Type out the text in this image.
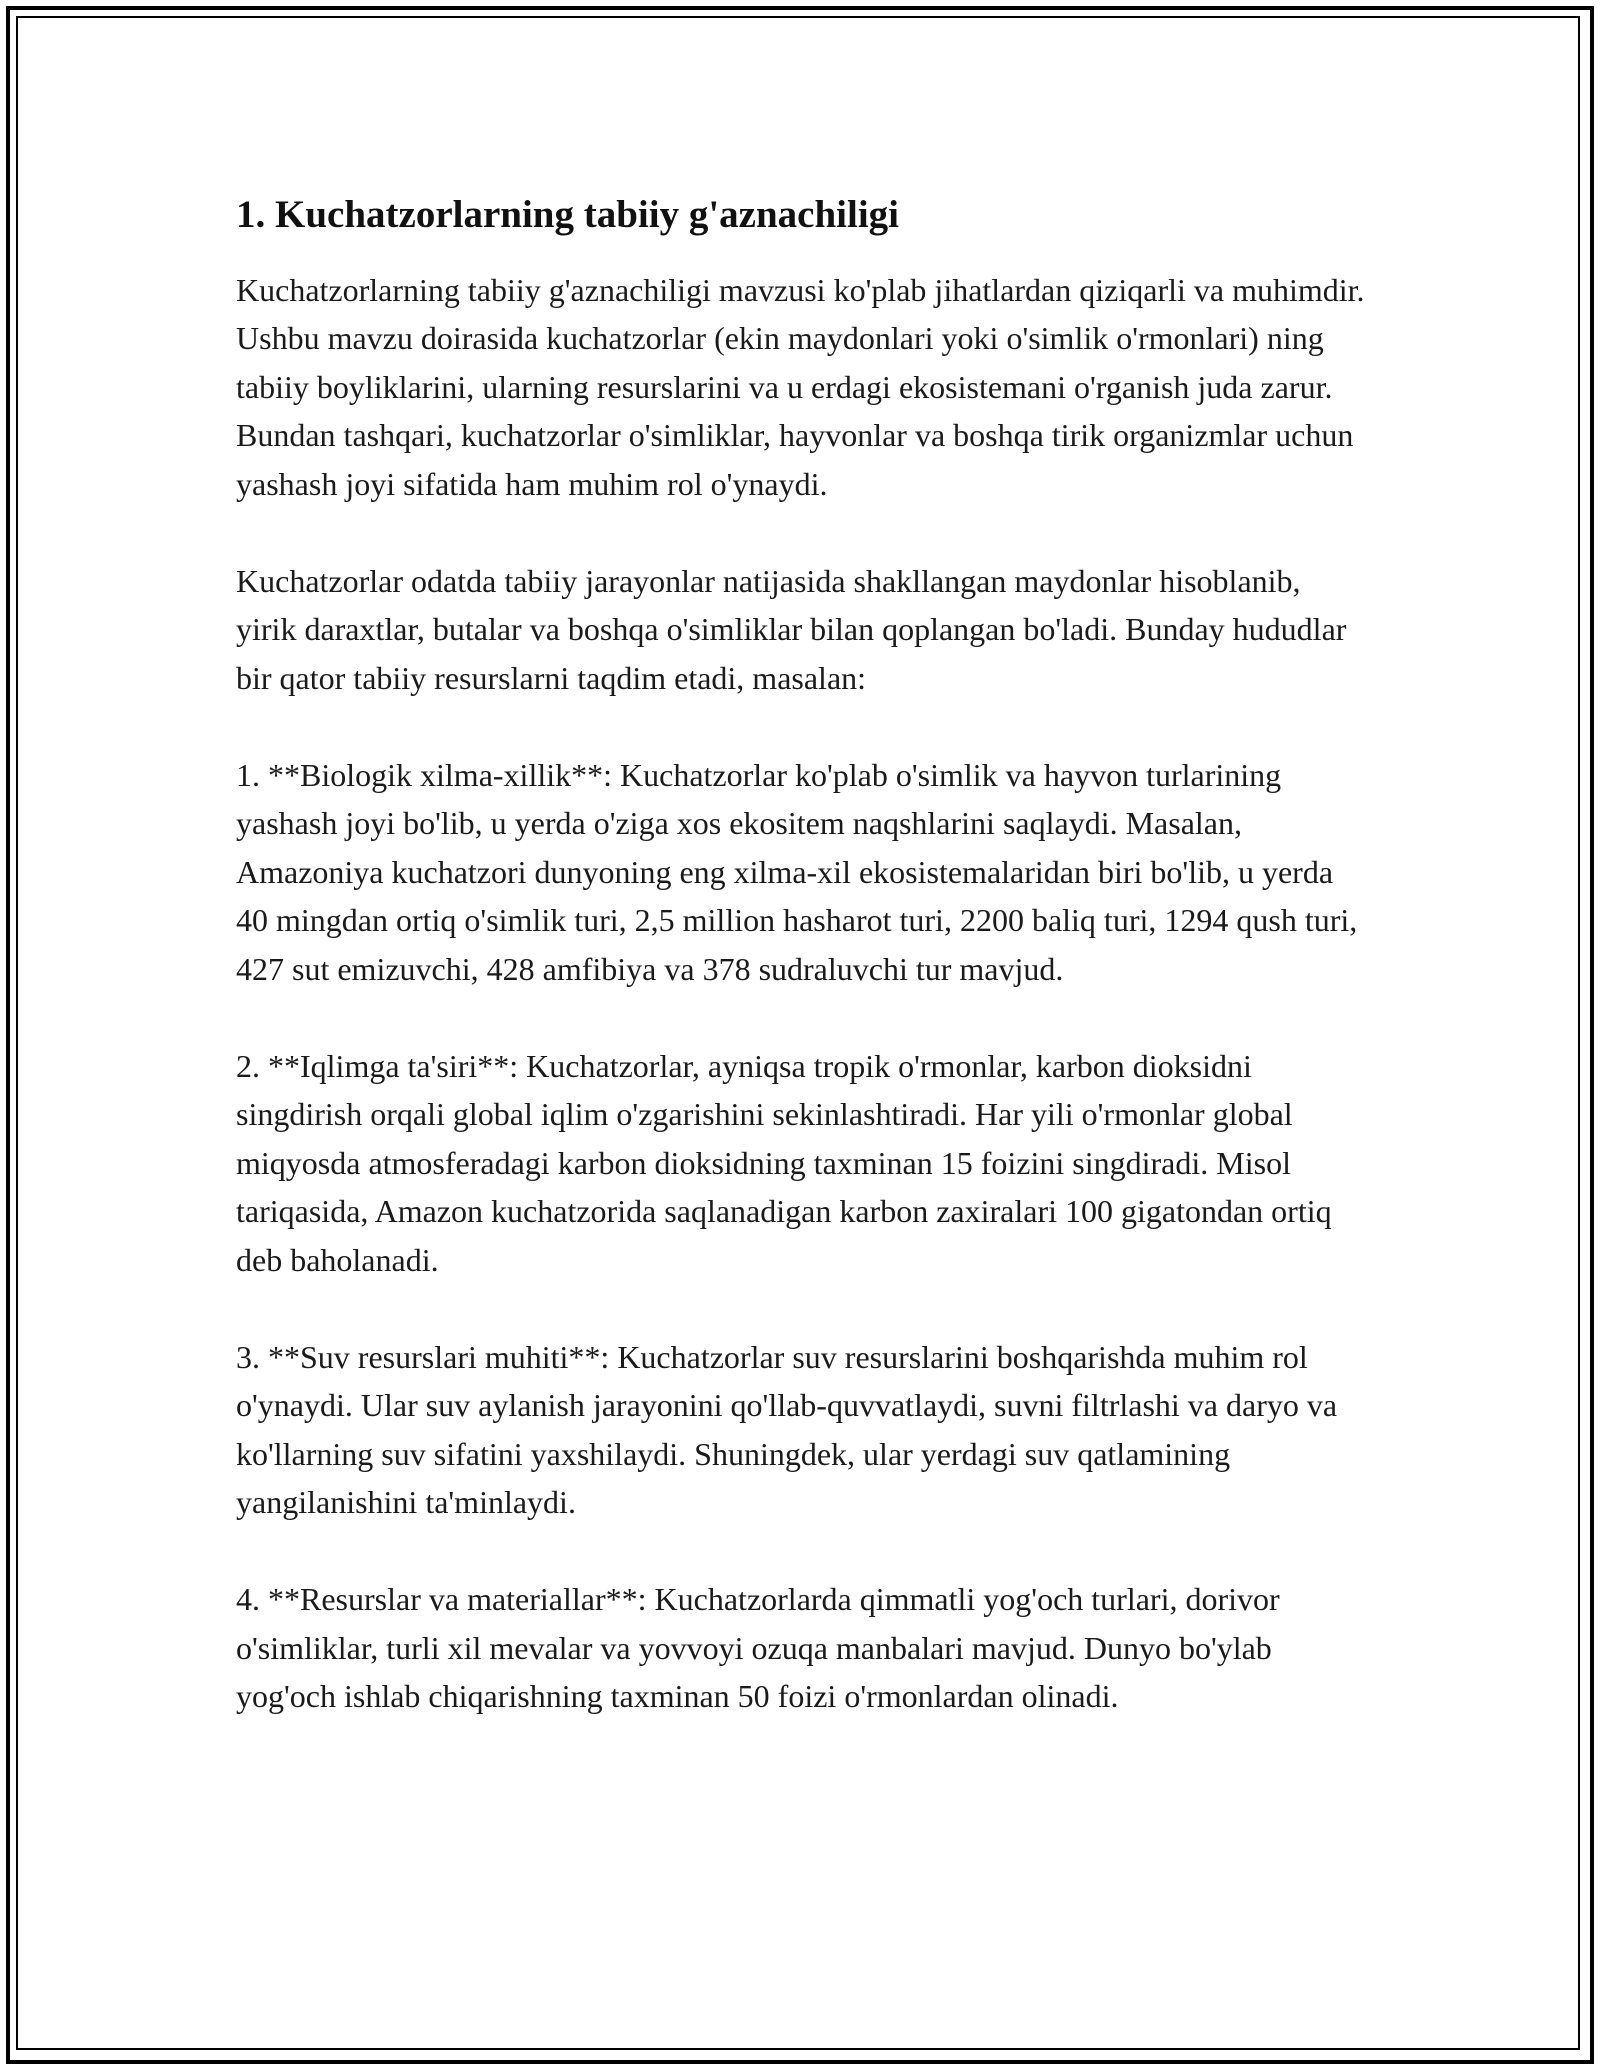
1. Kuchatzorlarning tabiiy g'aznachiligi

Kuchatzorlarning tabiiy g'aznachiligi mavzusi ko'plab jihatlardan qiziqarli va muhimdir. Ushbu mavzu doirasida kuchatzorlar (ekin maydonlari yoki o'simlik o'rmonlari) ning tabiiy boyliklarini, ularning resurslarini va u erdagi ekosistemani o'rganish juda zarur. Bundan tashqari, kuchatzorlar o'simliklar, hayvonlar va boshqa tirik organizmlar uchun yashash joyi sifatida ham muhim rol o'ynaydi.

Kuchatzorlar odatda tabiiy jarayonlar natijasida shakllangan maydonlar hisoblanib, yirik daraxtlar, butalar va boshqa o'simliklar bilan qoplangan bo'ladi. Bunday hududlar bir qator tabiiy resurslarni taqdim etadi, masalan:

1. **Biologik xilma-xillik**: Kuchatzorlar ko'plab o'simlik va hayvon turlarining yashash joyi bo'lib, u yerda o'ziga xos ekositem naqshlarini saqlaydi. Masalan, Amazoniya kuchatzori dunyoning eng xilma-xil ekosistemalaridan biri bo'lib, u yerda 40 mingdan ortiq o'simlik turi, 2,5 million hasharot turi, 2200 baliq turi, 1294 qush turi, 427 sut emizuvchi, 428 amfibiya va 378 sudraluvchi tur mavjud.

2. **Iqlimga ta'siri**: Kuchatzorlar, ayniqsa tropik o'rmonlar, karbon dioksidni singdirish orqali global iqlim o'zgarishini sekinlashtiradi. Har yili o'rmonlar global miqyosda atmosferadagi karbon dioksidning taxminan 15 foizini singdiradi. Misol tariqasida, Amazon kuchatzorida saqlanadigan karbon zaxiralari 100 gigatondan ortiq deb baholanadi.

3. **Suv resurslari muhiti**: Kuchatzorlar suv resurslarini boshqarishda muhim rol o'ynaydi. Ular suv aylanish jarayonini qo'llab-quvvatlaydi, suvni filtrlashi va daryo va ko'llarning suv sifatini yaxshilaydi. Shuningdek, ular yerdagi suv qatlamining yangilanishini ta'minlaydi.

4. **Resurslar va materiallar**: Kuchatzorlarda qimmatli yog'och turlari, dorivor o'simliklar, turli xil mevalar va yovvoyi ozuqa manbalari mavjud. Dunyo bo'ylab yog'och ishlab chiqarishning taxminan 50 foizi o'rmonlardan olinadi.
